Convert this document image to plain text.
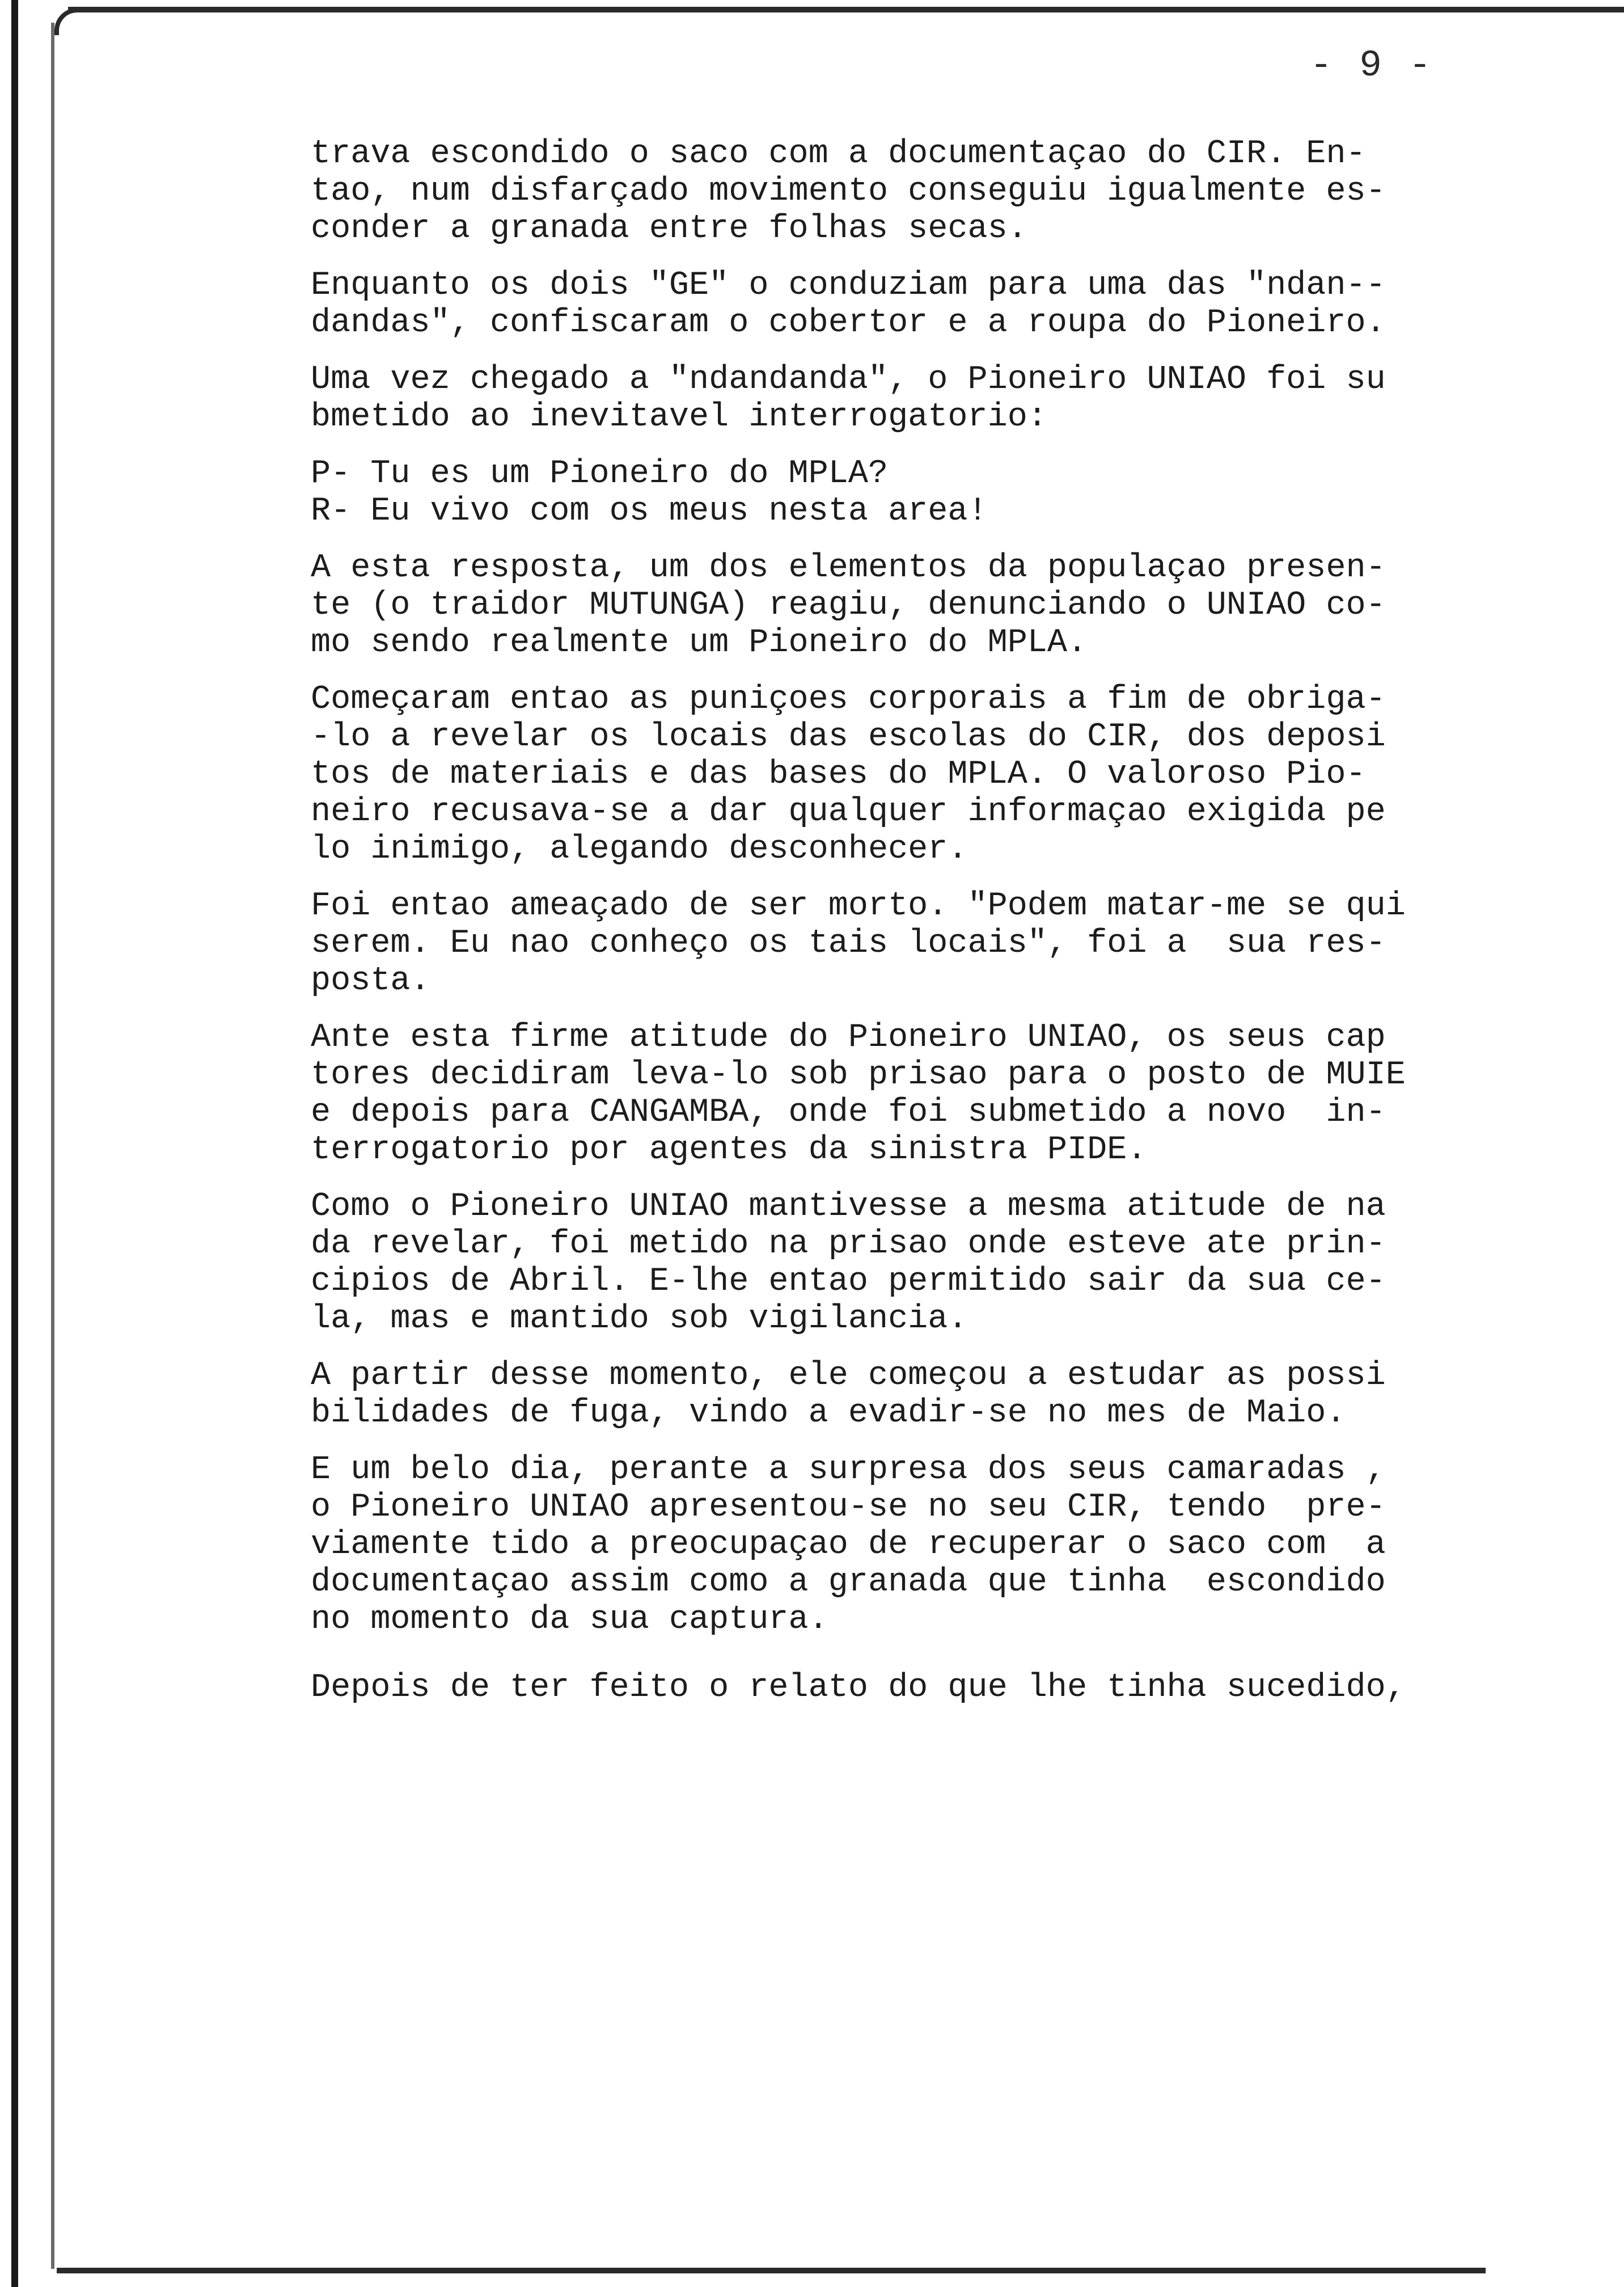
- 9 -

trava escondido o saco com a documentaçao do CIR. En-
tao, num disfarçado movimento conseguiu igualmente es-
conder a granada entre folhas secas.

Enquanto os dois "GE" o conduziam para uma das "ndan--
dandas", confiscaram o cobertor e a roupa do Pioneiro.

Uma vez chegado a "ndandanda", o Pioneiro UNIAO foi su
bmetido ao inevitavel interrogatorio:

P- Tu es um Pioneiro do MPLA?
R- Eu vivo com os meus nesta area!

A esta resposta, um dos elementos da populaçao presen-
te (o traidor MUTUNGA) reagiu, denunciando o UNIAO co-
mo sendo realmente um Pioneiro do MPLA.

Começaram entao as puniçoes corporais a fim de obriga-
-lo a revelar os locais das escolas do CIR, dos deposi
tos de materiais e das bases do MPLA. O valoroso Pio-
neiro recusava-se a dar qualquer informaçao exigida pe
lo inimigo, alegando desconhecer.

Foi entao ameaçado de ser morto. "Podem matar-me se qui
serem. Eu nao conheço os tais locais", foi a  sua res-
posta.

Ante esta firme atitude do Pioneiro UNIAO, os seus cap
tores decidiram leva-lo sob prisao para o posto de MUIE
e depois para CANGAMBA, onde foi submetido a novo  in-
terrogatorio por agentes da sinistra PIDE.

Como o Pioneiro UNIAO mantivesse a mesma atitude de na
da revelar, foi metido na prisao onde esteve ate prin-
cipios de Abril. E-lhe entao permitido sair da sua ce-
la, mas e mantido sob vigilancia.

A partir desse momento, ele começou a estudar as possi
bilidades de fuga, vindo a evadir-se no mes de Maio.

E um belo dia, perante a surpresa dos seus camaradas ,
o Pioneiro UNIAO apresentou-se no seu CIR, tendo  pre-
viamente tido a preocupaçao de recuperar o saco com  a
documentaçao assim como a granada que tinha  escondido
no momento da sua captura.

Depois de ter feito o relato do que lhe tinha sucedido,
